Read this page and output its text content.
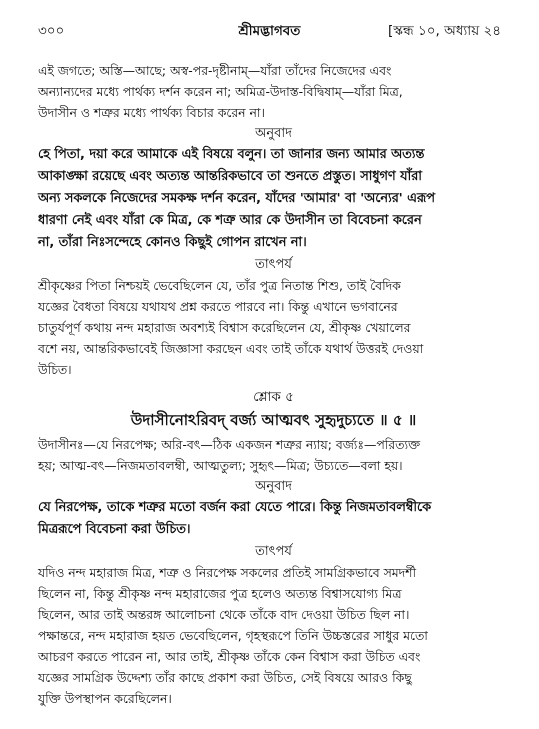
৩০০	শ্রীমদ্ভাগবত	[স্কন্ধ ১০, অধ্যায় ২৪
এই জগতে; অস্তি—আছে; অস্ব-পর-দৃষ্টীনাম্—যাঁরা তাঁদের নিজেদের এবং
অন্যান্যদের মধ্যে পার্থক্য দর্শন করেন না; অমিত্র-উদাস্ত-বিদ্বিষাম্—যাঁরা মিত্র,
উদাসীন ও শত্রুর মধ্যে পার্থক্য বিচার করেন না।
অনুবাদ

হে পিতা, দয়া করে আমাকে এই বিষয়ে বলুন। তা জানার জন্য আমার অত্যন্ত

আকাঙ্ক্ষা রয়েছে এবং অত্যন্ত আন্তরিকভাবে তা শুনতে প্রস্তুত। সাধুগণ যাঁরা

অন্য সকলকে নিজেদের সমকক্ষ দর্শন করেন, যাঁদের 'আমার' বা 'অন্যের' এরূপ

ধারণা নেই এবং যাঁরা কে মিত্র, কে শত্রু আর কে উদাসীন তা বিবেচনা করেন

না, তাঁরা নিঃসন্দেহে কোনও কিছুই গোপন রাখেন না।

তাৎপর্য

শ্রীকৃষ্ণের পিতা নিশ্চয়ই ভেবেছিলেন যে, তাঁর পুত্র নিতান্ত শিশু, তাই বৈদিক

যজ্ঞের বৈধতা বিষয়ে যথাযথ প্রশ্ন করতে পারবে না। কিন্তু এখানে ভগবানের

চাতুর্যপূর্ণ কথায় নন্দ মহারাজ অবশ্যই বিশ্বাস করেছিলেন যে, শ্রীকৃষ্ণ খেয়ালের

বশে নয়, আন্তরিকভাবেই জিজ্ঞাসা করছেন এবং তাই তাঁকে যথার্থ উত্তরই দেওয়া

উচিত।

শ্লোক ৫
উদাসীনোঽরিবদ্ বর্জ্য আত্মবৎ সুহৃদুচ্যতে ॥ ৫ ॥
উদাসীনঃ—যে নিরপেক্ষ; অরি-বৎ—ঠিক একজন শত্রুর ন্যায়; বর্জ্যঃ—পরিত্যক্ত
হয়; আত্ম-বৎ—নিজমতাবলম্বী, আত্মতুল্য; সুহৃৎ—মিত্র; উচ্যতে—বলা হয়।
অনুবাদ

যে নিরপেক্ষ, তাকে শত্রুর মতো বর্জন করা যেতে পারে। কিন্তু নিজমতাবলম্বীকে

মিত্ররূপে বিবেচনা করা উচিত।

তাৎপর্য

যদিও নন্দ মহারাজ মিত্র, শত্রু ও নিরপেক্ষ সকলের প্রতিই সামগ্রিকভাবে সমদর্শী

ছিলেন না, কিন্তু শ্রীকৃষ্ণ নন্দ মহারাজের পুত্র হলেও অত্যন্ত বিশ্বাসযোগ্য মিত্র

ছিলেন, আর তাই অন্তরঙ্গ আলোচনা থেকে তাঁকে বাদ দেওয়া উচিত ছিল না।

পক্ষান্তরে, নন্দ মহারাজ হয়ত ভেবেছিলেন, গৃহস্থরূপে তিনি উচ্চস্তরের সাধুর মতো

আচরণ করতে পারেন না, আর তাই, শ্রীকৃষ্ণ তাঁকে কেন বিশ্বাস করা উচিত এবং

যজ্ঞের সামগ্রিক উদ্দেশ্য তাঁর কাছে প্রকাশ করা উচিত, সেই বিষয়ে আরও কিছু

যুক্তি উপস্থাপন করেছিলেন।
